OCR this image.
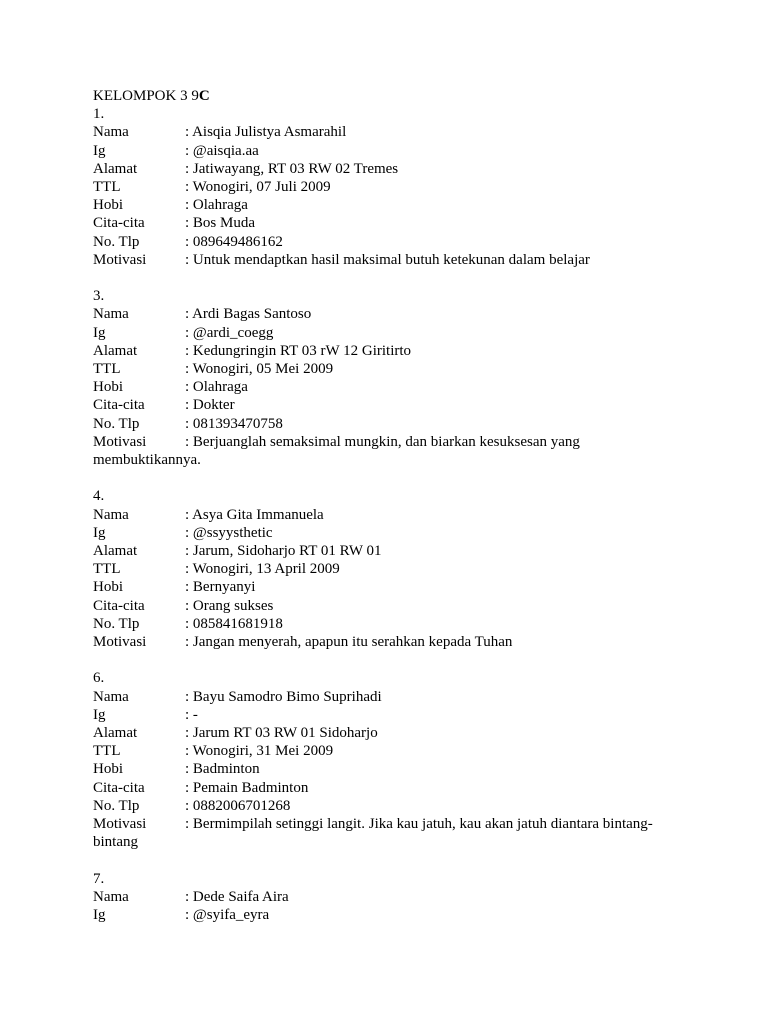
KELOMPOK 3 9C
1.
Nama	: Aisqia Julistya Asmarahil
Ig	: @aisqia.aa
Alamat	: Jatiwayang, RT 03 RW 02 Tremes
TTL	: Wonogiri, 07 Juli 2009
Hobi	: Olahraga
Cita-cita	: Bos Muda
No. Tlp	: 089649486162
Motivasi	: Untuk mendaptkan hasil maksimal butuh ketekunan dalam belajar
3.
Nama	: Ardi Bagas Santoso
Ig	: @ardi_coegg
Alamat	: Kedungringin RT 03 rW 12 Giritirto
TTL	: Wonogiri, 05 Mei 2009
Hobi	: Olahraga
Cita-cita	: Dokter
No. Tlp	: 081393470758
Motivasi	: Berjuanglah semaksimal mungkin, dan biarkan kesuksesan yang
membuktikannya.
4.
Nama	: Asya Gita Immanuela
Ig	: @ssyysthetic
Alamat	: Jarum, Sidoharjo RT 01 RW 01
TTL	: Wonogiri, 13 April 2009
Hobi	: Bernyanyi
Cita-cita	: Orang sukses
No. Tlp	: 085841681918
Motivasi	: Jangan menyerah, apapun itu serahkan kepada Tuhan
6.
Nama	: Bayu Samodro Bimo Suprihadi
Ig	: -
Alamat	: Jarum RT 03 RW 01 Sidoharjo
TTL	: Wonogiri, 31 Mei 2009
Hobi	: Badminton
Cita-cita	: Pemain Badminton
No. Tlp	: 0882006701268
Motivasi	: Bermimpilah setinggi langit. Jika kau jatuh, kau akan jatuh diantara bintang-
bintang
7.
Nama	: Dede Saifa Aira
Ig	: @syifa_eyra
